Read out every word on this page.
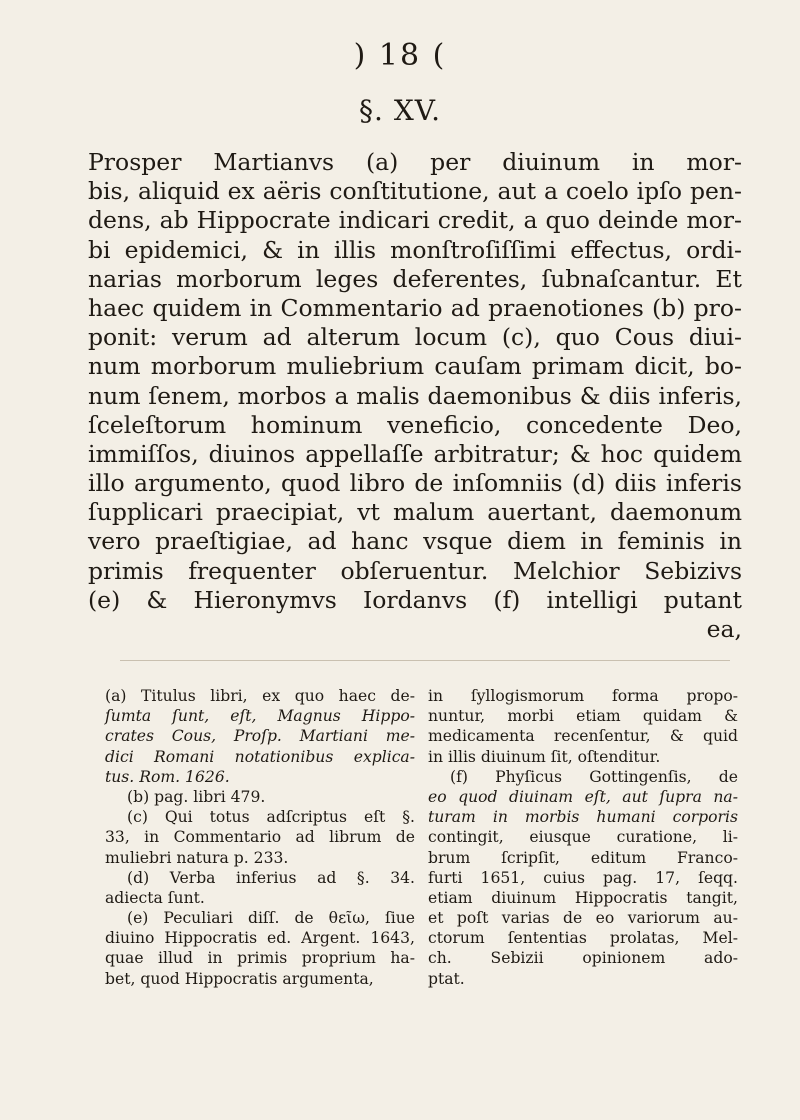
) 18 (
§. XV.
Prosper Martianvs (a) per diuinum in mor-
bis, aliquid ex aëris conſtitutione, aut a coelo ipſo pen-
dens, ab Hippocrate indicari credit, a quo deinde mor-
bi epidemici, & in illis monſtroſiſſimi effectus, ordi-
narias morborum leges deferentes, ſubnaſcantur. Et
haec quidem in Commentario ad praenotiones (b) pro-
ponit: verum ad alterum locum (c), quo Cous diui-
num morborum muliebrium cauſam primam dicit, bo-
num ſenem, morbos a malis daemonibus & diis inferis,
ſceleſtorum hominum veneficio, concedente Deo,
immiſſos, diuinos appellaſſe arbitratur; & hoc quidem
illo argumento, quod libro de inſomniis (d) diis inferis
ſupplicari praecipiat, vt malum auertant, daemonum
vero praeſtigiae, ad hanc vsque diem in feminis in
primis frequenter obſeruentur. Melchior Sebizivs
(e) & Hieronymvs Iordanvs (f) intelligi putant
ea,
(a) Titulus libri, ex quo haec de-
ſumta ſunt, eſt, Magnus Hippo-
crates Cous, Proſp. Martiani me-
dici Romani notationibus explica-
tus. Rom. 1626.
(b) pag. libri 479.
(c) Qui totus adſcriptus eſt §.
33, in Commentario ad librum de
muliebri natura p. 233.
(d) Verba inferius ad §. 34.
adiecta ſunt.
(e) Peculiari diſſ. de θεῖω, ſiue
diuino Hippocratis ed. Argent. 1643,
quae illud in primis proprium ha-
bet, quod Hippocratis argumenta,
in ſyllogismorum forma propo-
nuntur, morbi etiam quidam &
medicamenta recenſentur, & quid
in illis diuinum ſit, oſtenditur.
(f) Phyſicus Gottingenſis, de
eo quod diuinam eſt, aut ſupra na-
turam in morbis humani corporis
contingit, eiusque curatione, li-
brum ſcripſit, editum Franco-
furti 1651, cuius pag. 17, ſeqq.
etiam diuinum Hippocratis tangit,
et poſt varias de eo variorum au-
ctorum ſententias prolatas, Mel-
ch. Sebizii opinionem ado-
ptat.
